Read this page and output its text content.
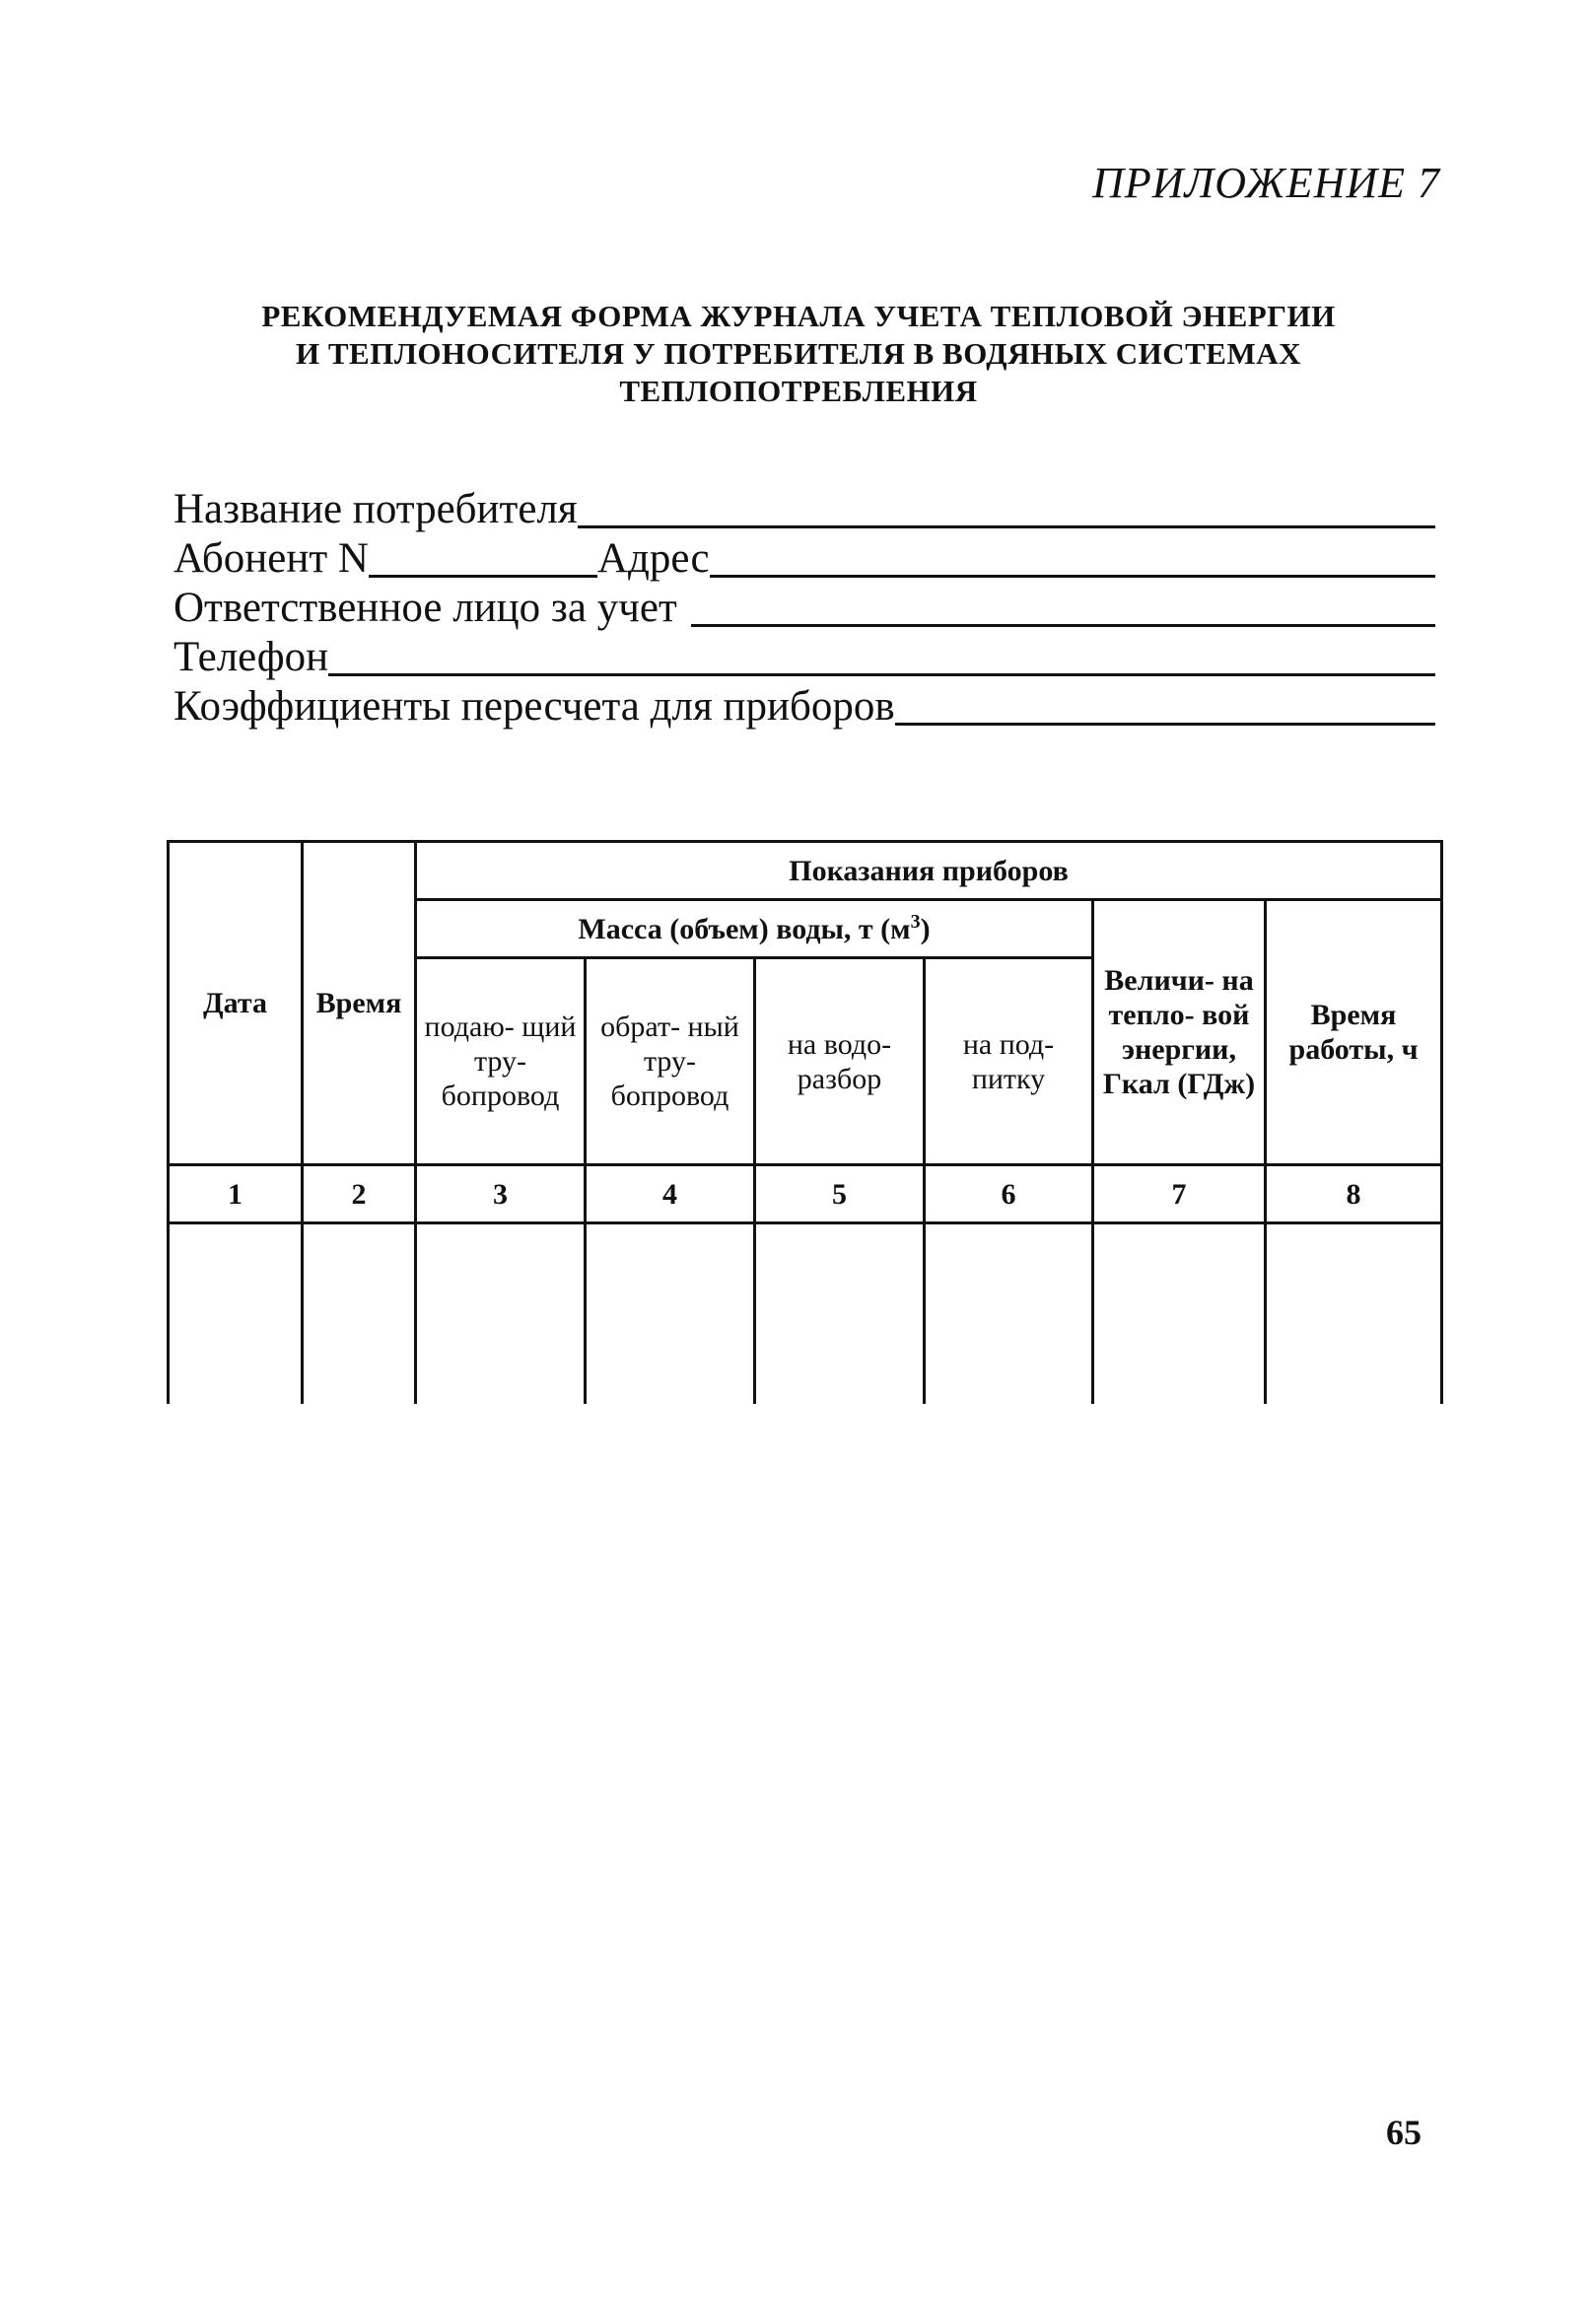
ПРИЛОЖЕНИЕ 7
РЕКОМЕНДУЕМАЯ ФОРМА ЖУРНАЛА УЧЕТА ТЕПЛОВОЙ ЭНЕРГИИ
И ТЕПЛОНОСИТЕЛЯ У ПОТРЕБИТЕЛЯ В ВОДЯНЫХ СИСТЕМАХ
ТЕПЛОПОТРЕБЛЕНИЯ
Название потребителя
Абонент N	Адрес
Ответственное лицо за учет
Телефон
Коэффициенты пересчета для приборов
Дата	Время	Показания приборов					
		Масса (объем) воды, т $(м^3)$				Величи- на тепло- вой энергии, Гкал (ГДж)	Время работы, ч
		подаю- щий тру- бопровод	обрат- ный тру- бопровод	на водо- разбор	на под- питку		
1	2	3	4	5	6	7	8

65
